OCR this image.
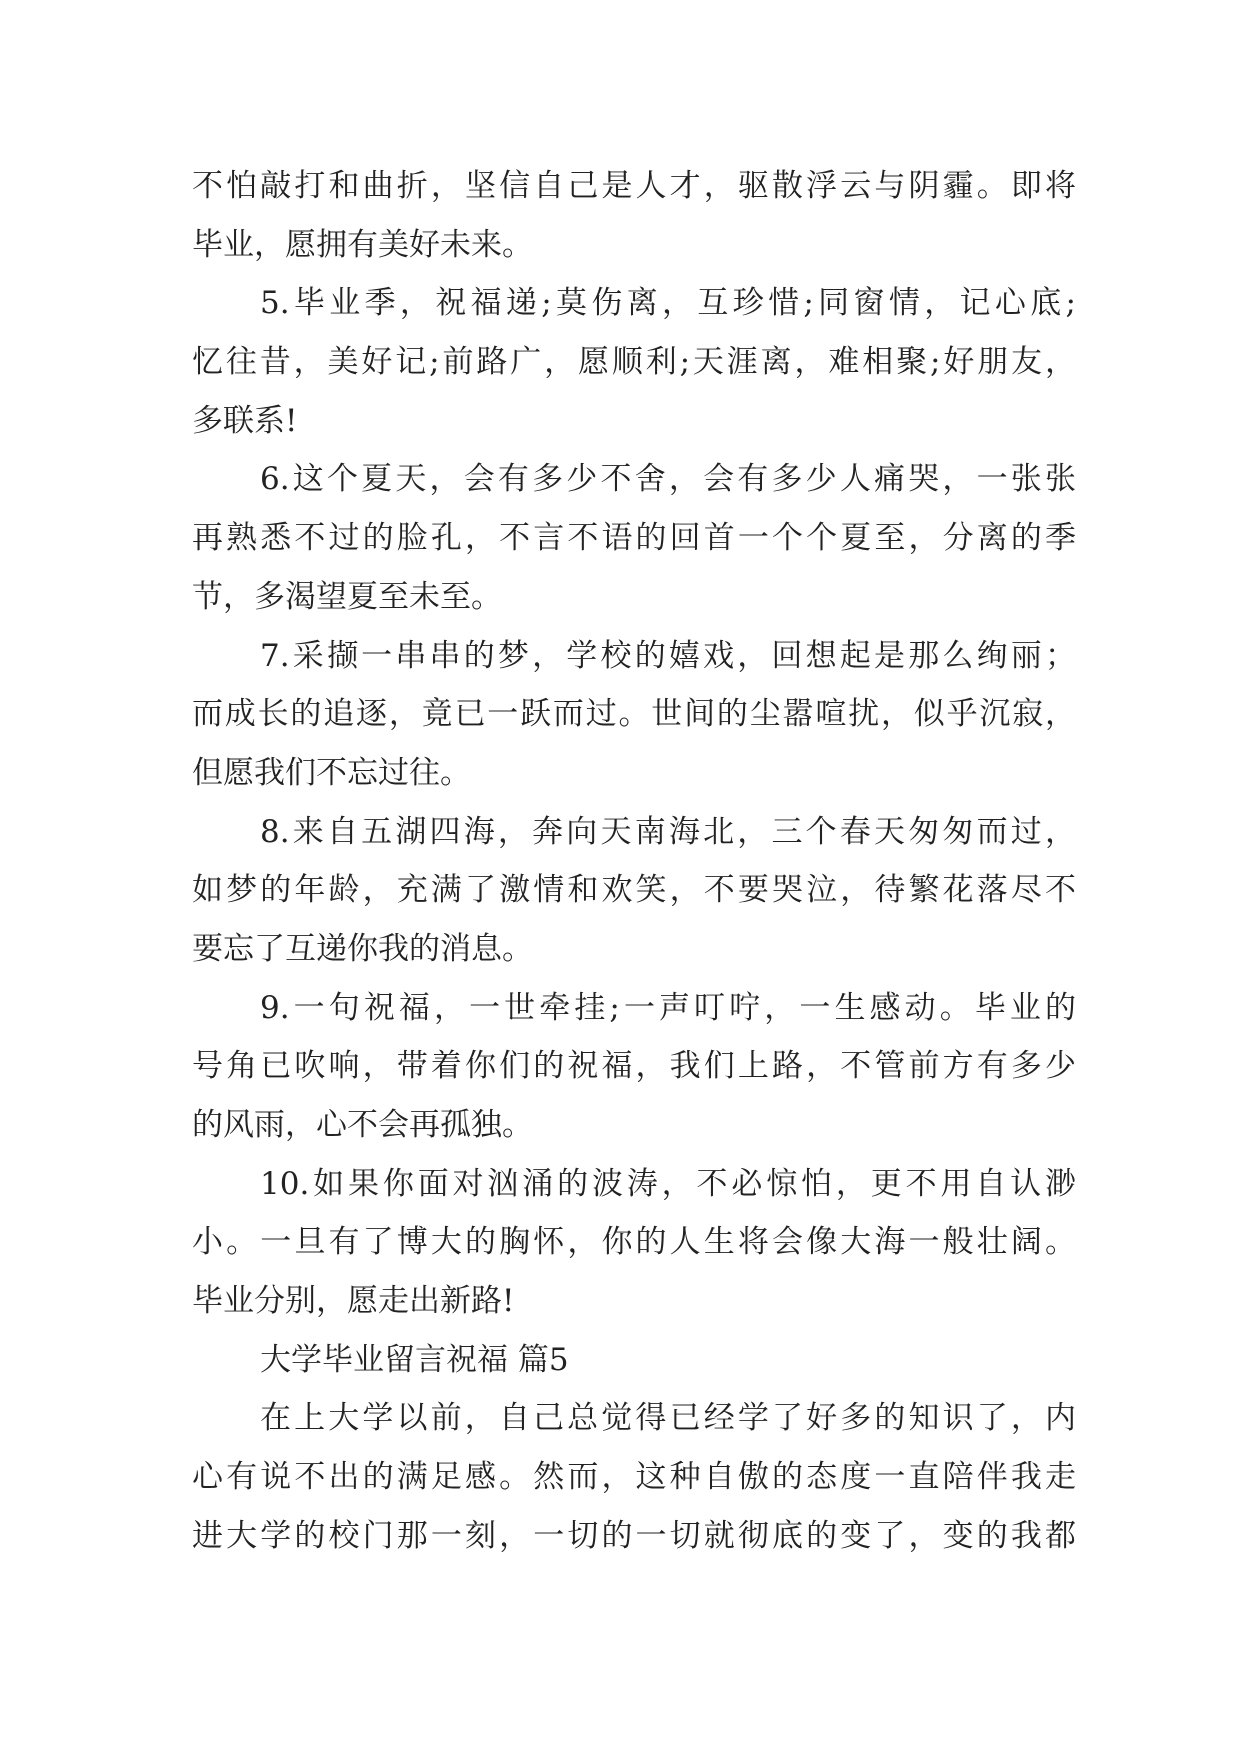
不怕敲打和曲折，坚信自己是人才，驱散浮云与阴霾。即将
毕业，愿拥有美好未来。
5.毕业季，祝福递;莫伤离，互珍惜;同窗情，记心底;
忆往昔，美好记;前路广，愿顺利;天涯离，难相聚;好朋友，
多联系!
6.这个夏天，会有多少不舍，会有多少人痛哭，一张张
再熟悉不过的脸孔，不言不语的回首一个个夏至，分离的季
节，多渴望夏至未至。
7.采撷一串串的梦，学校的嬉戏，回想起是那么绚丽；
而成长的追逐，竟已一跃而过。世间的尘嚣喧扰，似乎沉寂，
但愿我们不忘过往。
8.来自五湖四海，奔向天南海北，三个春天匆匆而过，
如梦的年龄，充满了激情和欢笑，不要哭泣，待繁花落尽不
要忘了互递你我的消息。
9.一句祝福，一世牵挂;一声叮咛，一生感动。毕业的
号角已吹响，带着你们的祝福，我们上路，不管前方有多少
的风雨，心不会再孤独。
10.如果你面对汹涌的波涛，不必惊怕，更不用自认渺
小。一旦有了博大的胸怀，你的人生将会像大海一般壮阔。
毕业分别，愿走出新路!
大学毕业留言祝福 篇5
在上大学以前，自己总觉得已经学了好多的知识了，内
心有说不出的满足感。然而，这种自傲的态度一直陪伴我走
进大学的校门那一刻，一切的一切就彻底的变了，变的我都
